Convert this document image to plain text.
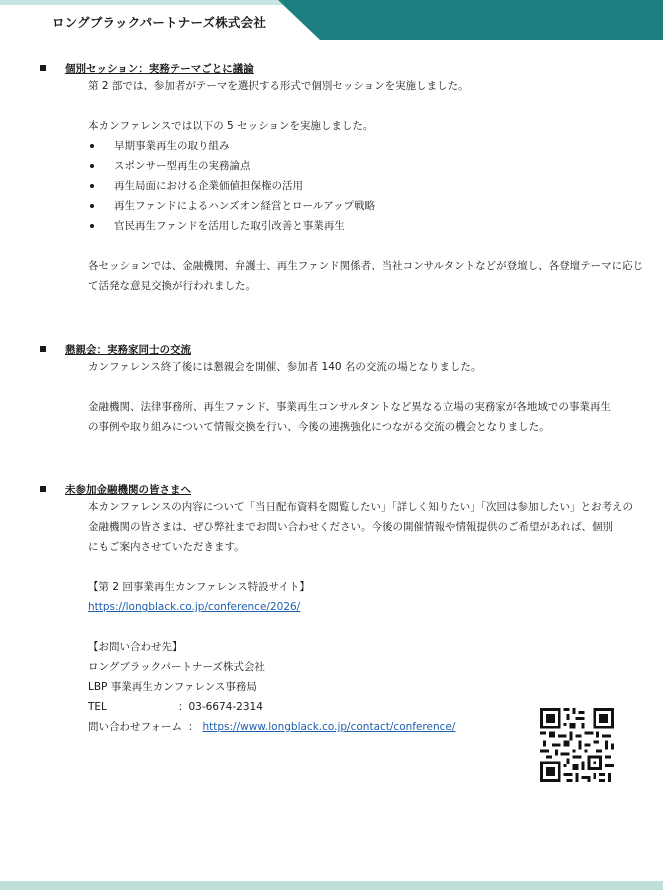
ロングブラックパートナーズ株式会社
個別セッション：実務テーマごとに議論
第 2 部では、参加者がテーマを選択する形式で個別セッションを実施しました。
本カンファレンスでは以下の 5 セッションを実施しました。
早期事業再生の取り組み
スポンサー型再生の実務論点
再生局面における企業価値担保権の活用
再生ファンドによるハンズオン経営とロールアップ戦略
官民再生ファンドを活用した取引改善と事業再生
各セッションでは、金融機関、弁護士、再生ファンド関係者、当社コンサルタントなどが登壇し、各登壇テーマに応じ
て活発な意見交換が行われました。
懇親会：実務家同士の交流
カンファレンス終了後には懇親会を開催、参加者 140 名の交流の場となりました。
金融機関、法律事務所、再生ファンド、事業再生コンサルタントなど異なる立場の実務家が各地域での事業再生
の事例や取り組みについて情報交換を行い、今後の連携強化につながる交流の機会となりました。
未参加金融機関の皆さまへ
本カンファレンスの内容について「当日配布資料を閲覧したい」「詳しく知りたい」「次回は参加したい」とお考えの
金融機関の皆さまは、ぜひ弊社までお問い合わせください。今後の開催情報や情報提供のご希望があれば、個別
にもご案内させていただきます。
【第 2 回事業再生カンファレンス特設サイト】
https://longblack.co.jp/conference/2026/
【お問い合わせ先】
ロングブラックパートナーズ株式会社
LBP 事業再生カンファレンス事務局
TEL	：03-6674-2314
問い合わせフォーム ： https://www.longblack.co.jp/contact/conference/
